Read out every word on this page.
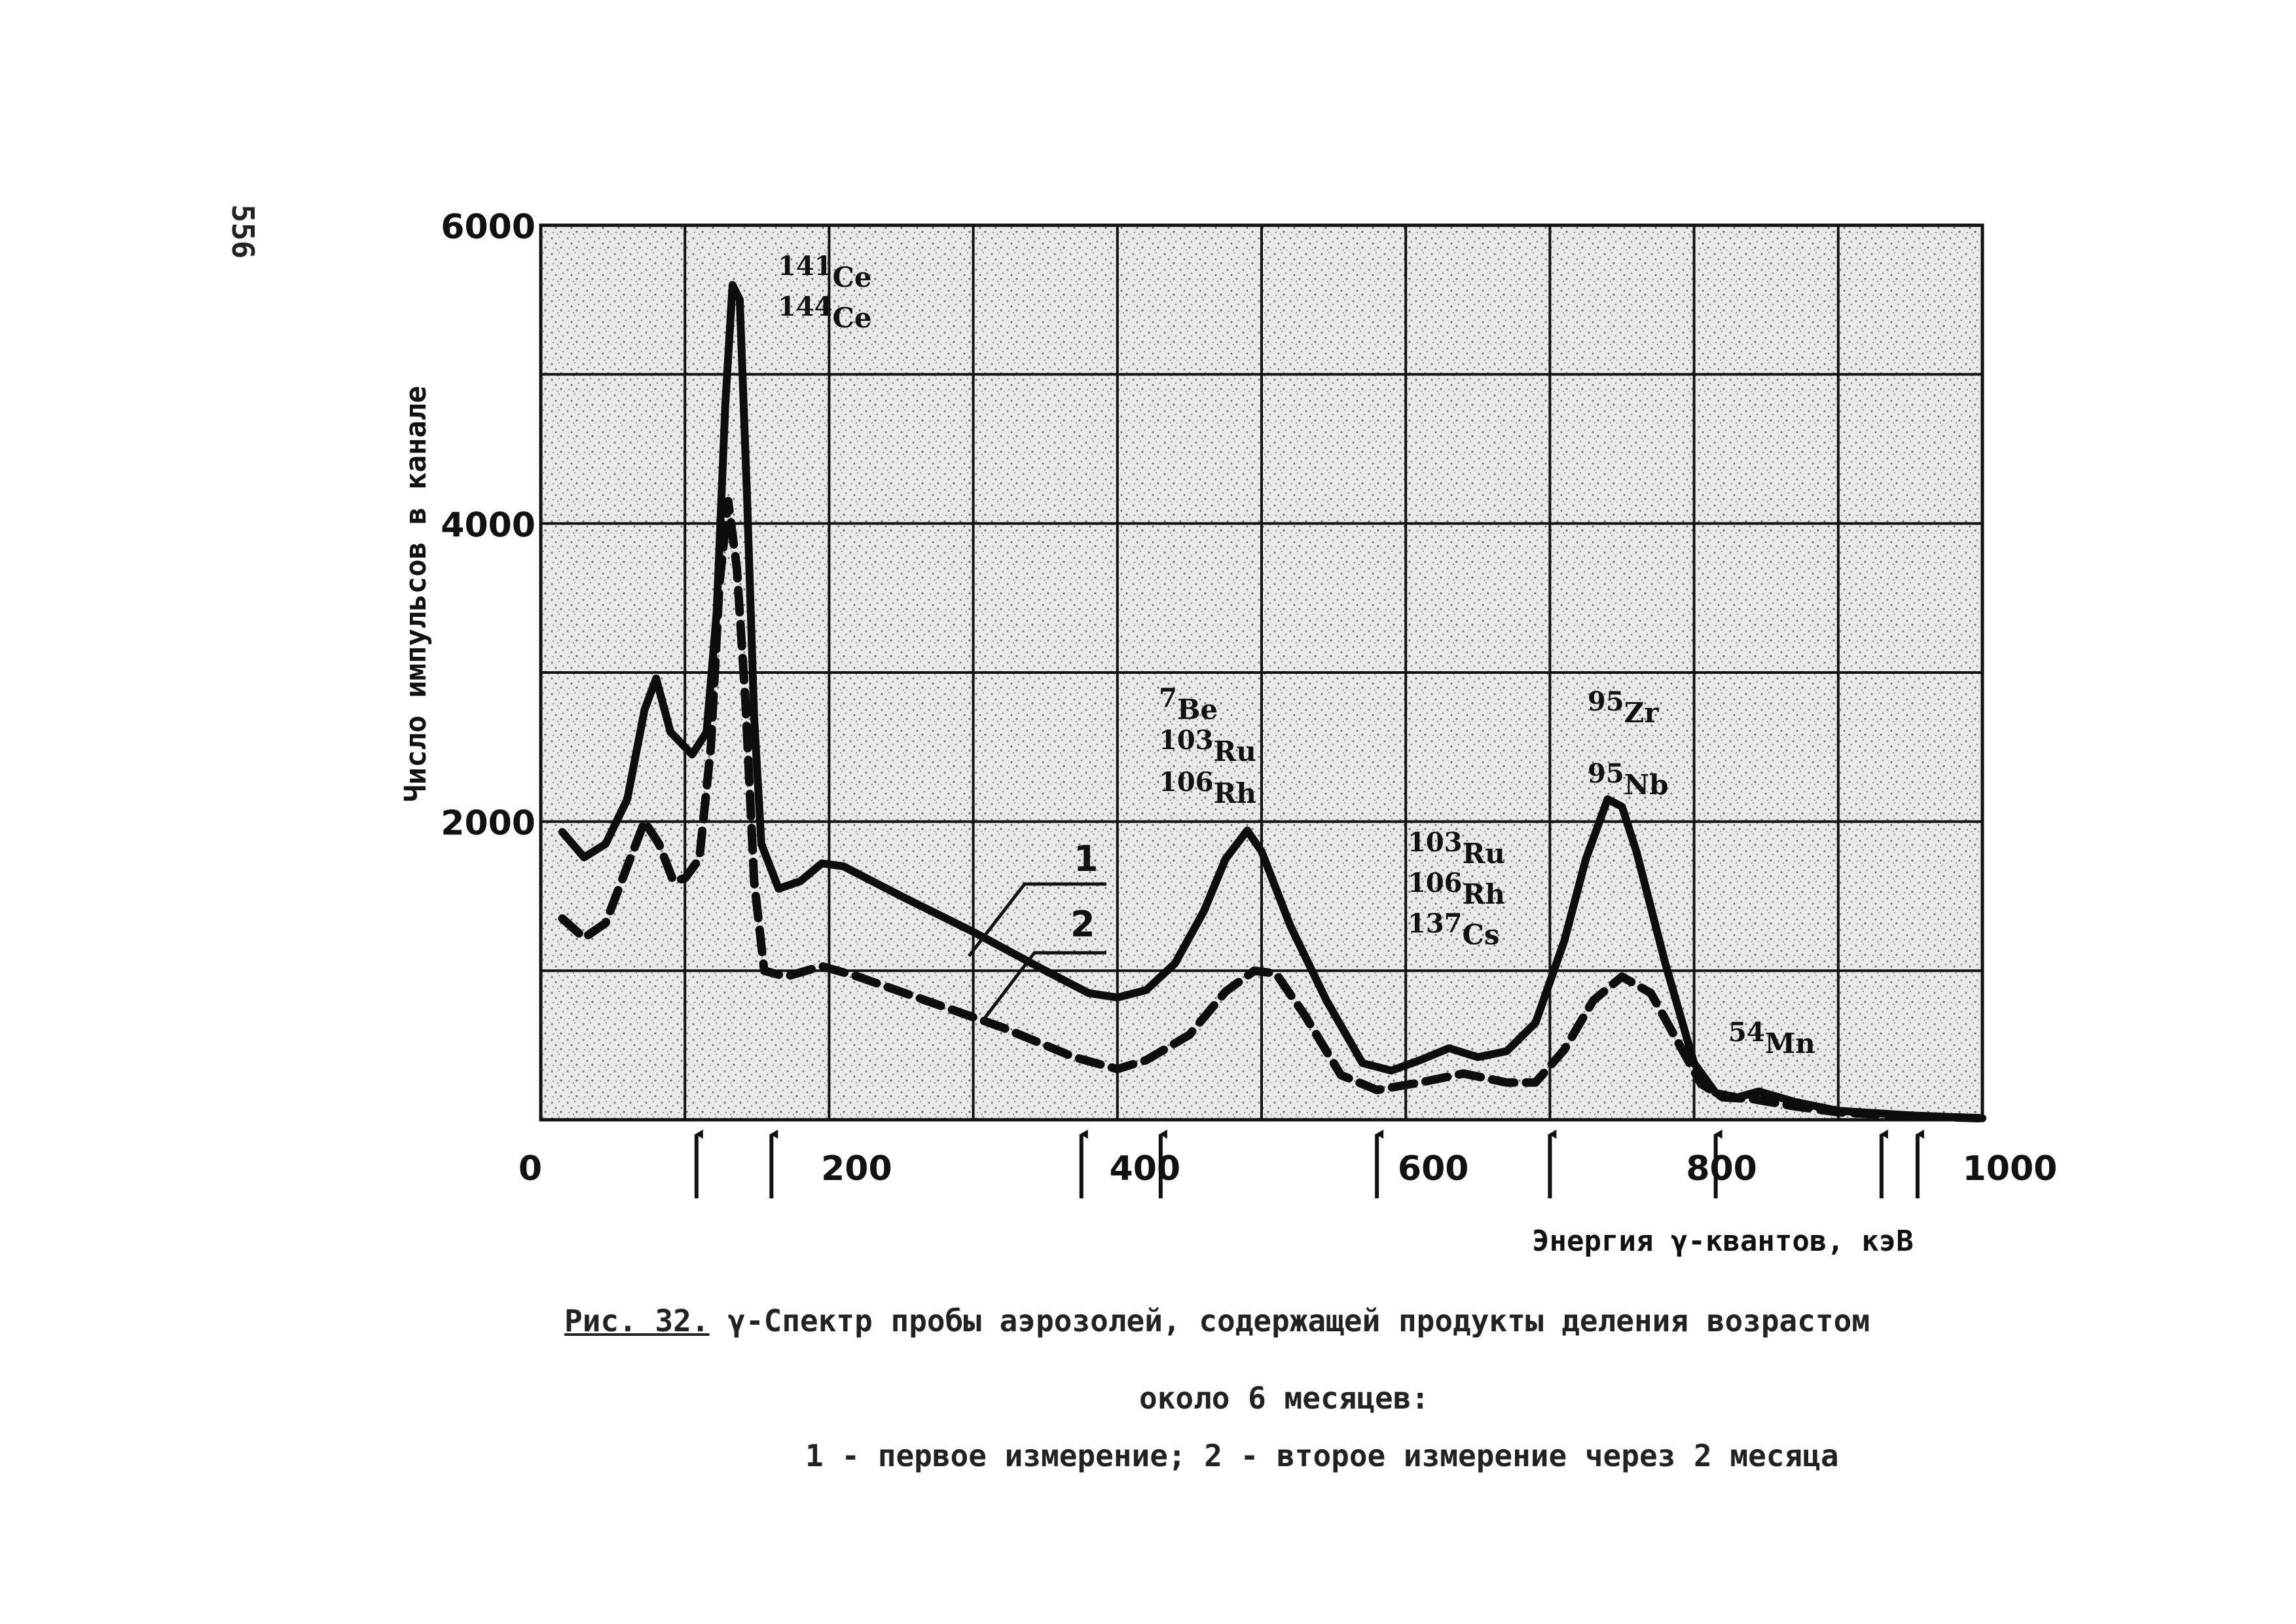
556
0	200	400	600	800	1000
2000
4000
6000
141Ce
144Ce
7Be
103Ru
106Rh
103Ru
106Rh
137Cs
95Zr
95Nb
54Mn
Число импульсов в канале
Энергия γ-квантов, кэВ
1
2
Рис. 32. γ-Спектр пробы аэрозолей, содержащей продукты деления возрастом
около 6 месяцев:
1 - первое измерение; 2 - второе измерение через 2 месяца
